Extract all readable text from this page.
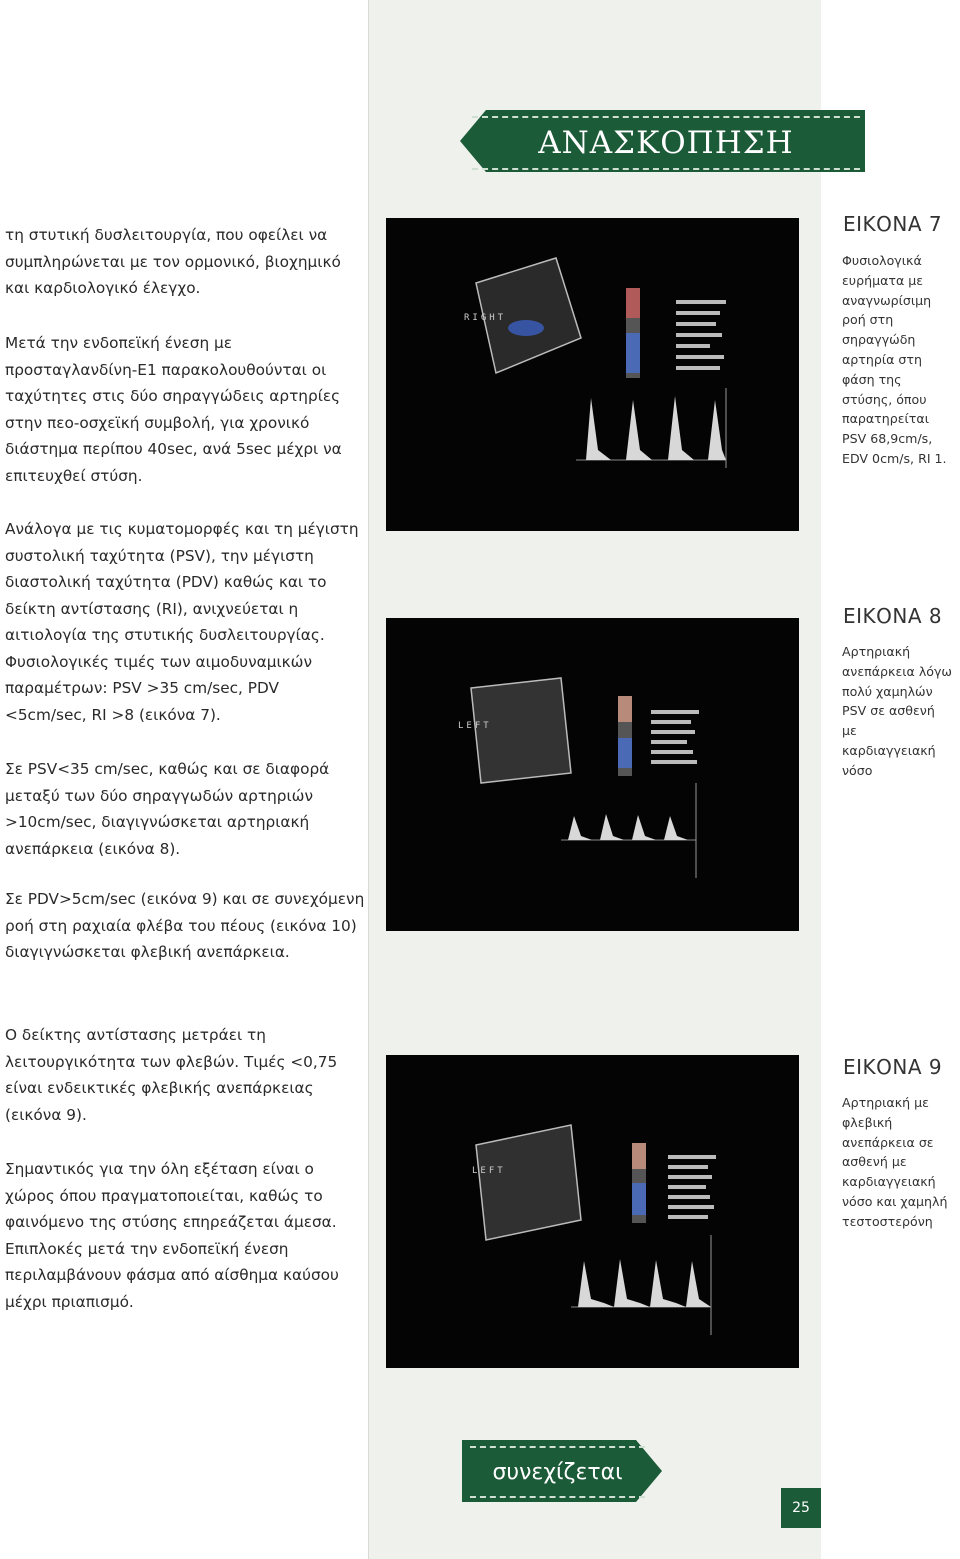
ΑΝΑΣΚΟΠΗΣΗ

τη στυτική δυσλειτουργία, που οφείλει να συμπληρώνεται με τον ορμονικό, βιοχημικό και καρδιολογικό έλεγχο.

Μετά την ενδοπεϊκή ένεση με προσταγλανδίνη-Ε1 παρακολουθούνται οι ταχύτητες στις δύο σηραγγώδεις αρτηρίες στην πεο-οσχεϊκή συμβολή, για χρονικό διάστημα περίπου 40sec, ανά 5sec μέχρι να επιτευχθεί στύση.

Ανάλογα με τις κυματομορφές και τη μέγιστη συστολική ταχύτητα (PSV), την μέγιστη διαστολική ταχύτητα (PDV) καθώς και το δείκτη αντίστασης (RI), ανιχνεύεται η αιτιολογία της στυτικής δυσλειτουργίας. Φυσιολογικές τιμές των αιμοδυναμικών παραμέτρων: PSV >35 cm/sec, PDV <5cm/sec, RI >8 (εικόνα 7).

Σε PSV<35 cm/sec, καθώς και σε διαφορά μεταξύ των δύο σηραγγωδών αρτηριών >10cm/sec, διαγιγνώσκεται αρτηριακή ανεπάρκεια (εικόνα 8).

Σε PDV>5cm/sec (εικόνα 9) και σε συνεχόμενη ροή στη ραχιαία φλέβα του πέους (εικόνα 10) διαγιγνώσκεται φλεβική ανεπάρκεια.

Ο δείκτης αντίστασης μετράει τη λειτουργικότητα των φλεβών. Τιμές <0,75 είναι ενδεικτικές φλεβικής ανεπάρκειας (εικόνα 9).

Σημαντικός για την όλη εξέταση είναι ο χώρος όπου πραγματοποιείται, καθώς το φαινόμενο της στύσης επηρεάζεται άμεσα. Επιπλοκές μετά την ενδοπεϊκή ένεση περιλαμβάνουν φάσμα από αίσθημα καύσου μέχρι πριαπισμό.

RIGHT
ΕΙΚΟΝΑ 7
Φυσιολογικά ευρήματα με αναγνωρίσιμη ροή στη σηραγγώδη αρτηρία στη φάση της στύσης, όπου παρατηρείται PSV 68,9cm/s, EDV 0cm/s, RI 1.
LEFT
ΕΙΚΟΝΑ 8
Αρτηριακή ανεπάρκεια λόγω πολύ χαμηλών PSV σε ασθενή με καρδιαγγειακή νόσο
LEFT
ΕΙΚΟΝΑ 9
Αρτηριακή με φλεβική ανεπάρκεια σε ασθενή με καρδιαγγειακή νόσο και χαμηλή τεστοστερόνη
συνεχίζεται
25
